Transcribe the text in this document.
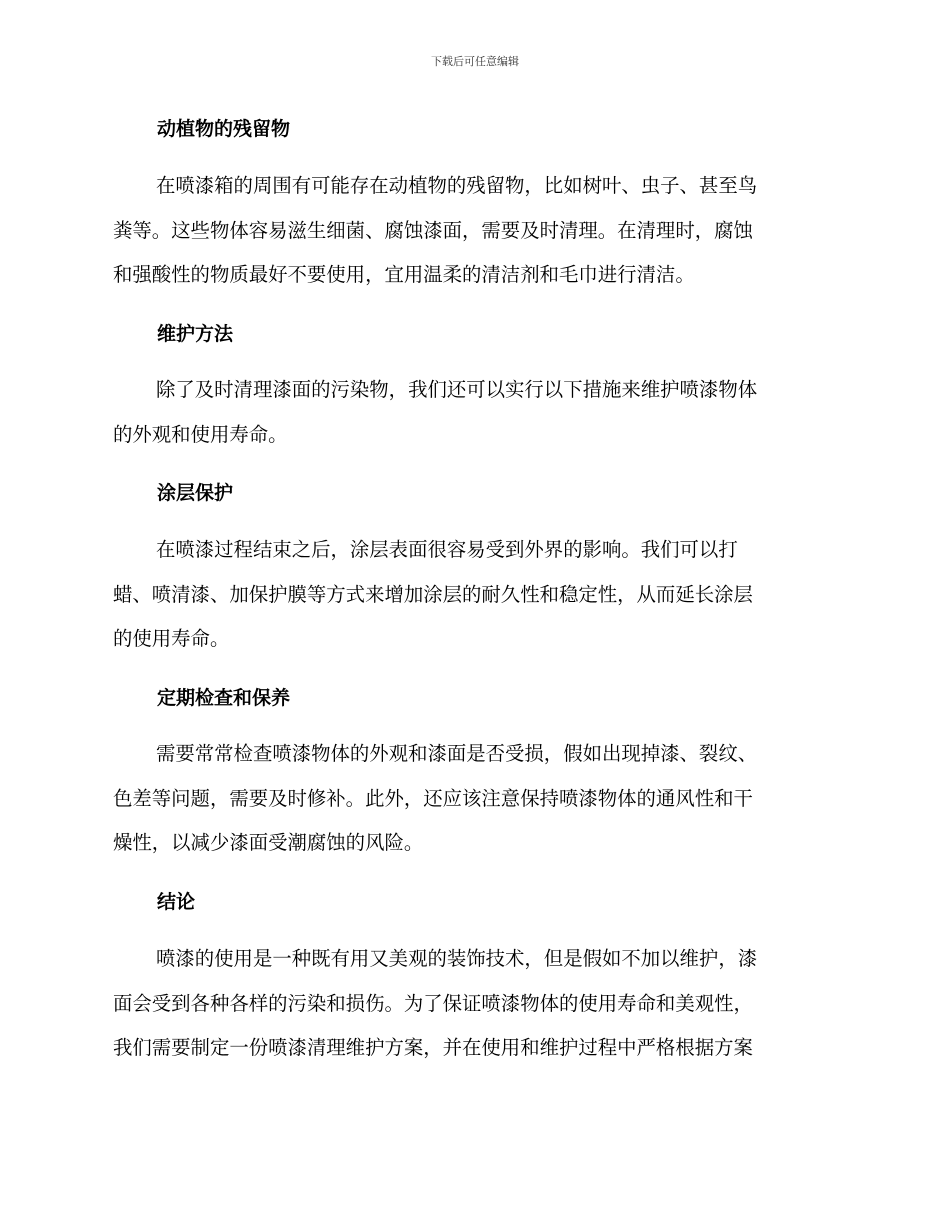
下载后可任意编辑
动植物的残留物
在喷漆箱的周围有可能存在动植物的残留物，比如树叶、虫子、甚至鸟
粪等。这些物体容易滋生细菌、腐蚀漆面，需要及时清理。在清理时，腐蚀
和强酸性的物质最好不要使用，宜用温柔的清洁剂和毛巾进行清洁。
维护方法
除了及时清理漆面的污染物，我们还可以实行以下措施来维护喷漆物体
的外观和使用寿命。
涂层保护
在喷漆过程结束之后，涂层表面很容易受到外界的影响。我们可以打
蜡、喷清漆、加保护膜等方式来增加涂层的耐久性和稳定性，从而延长涂层
的使用寿命。
定期检查和保养
需要常常检查喷漆物体的外观和漆面是否受损，假如出现掉漆、裂纹、
色差等问题，需要及时修补。此外，还应该注意保持喷漆物体的通风性和干
燥性，以减少漆面受潮腐蚀的风险。
结论
喷漆的使用是一种既有用又美观的装饰技术，但是假如不加以维护，漆
面会受到各种各样的污染和损伤。为了保证喷漆物体的使用寿命和美观性，
我们需要制定一份喷漆清理维护方案，并在使用和维护过程中严格根据方案
